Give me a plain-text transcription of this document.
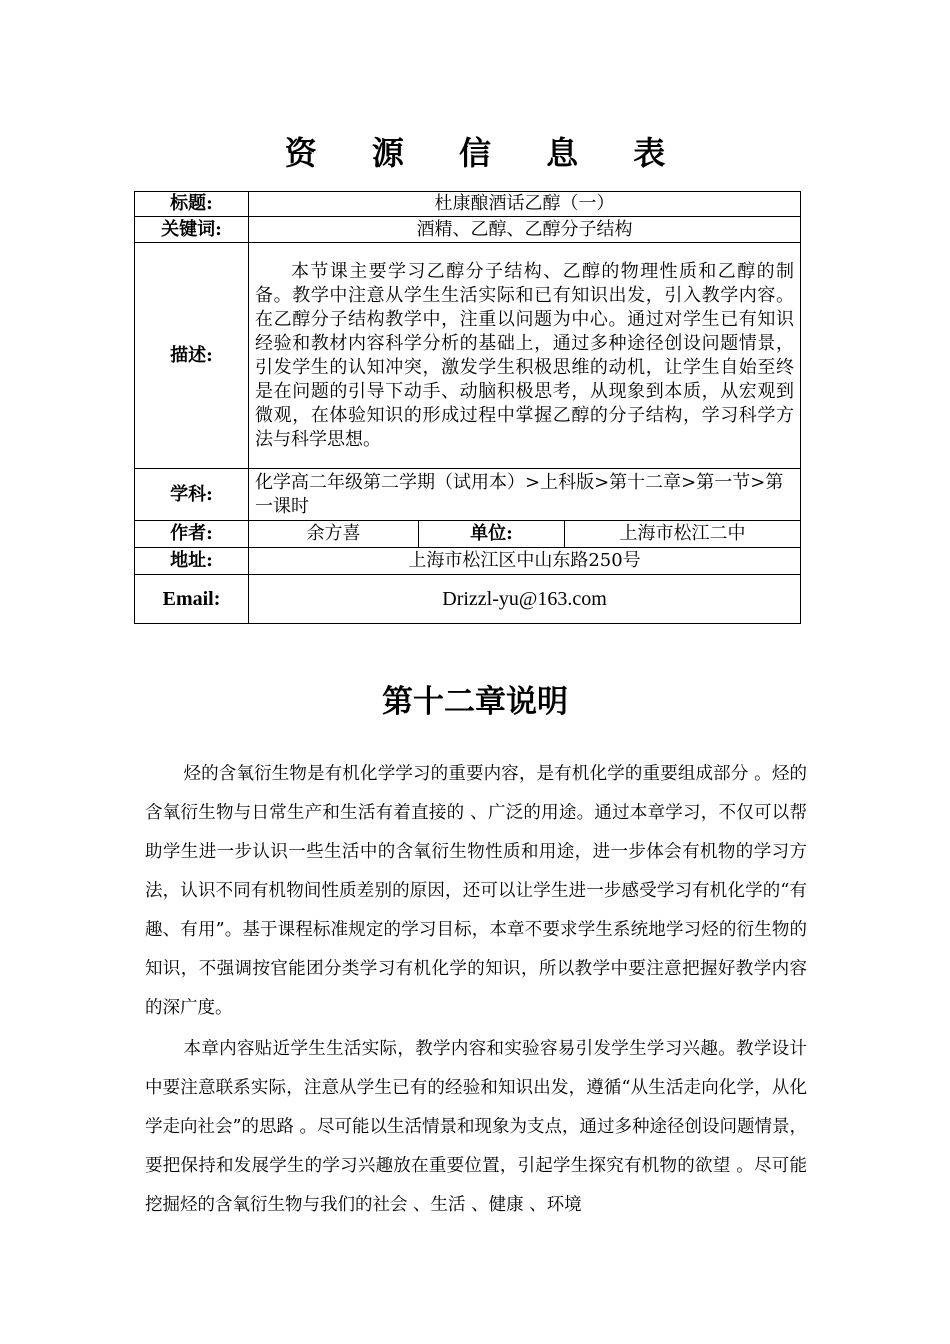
资 源 信 息 表
标题:	杜康酿酒话乙醇（一）		
关键词:	酒精、乙醇、乙醇分子结构		
描述:	本节课主要学习乙醇分子结构、乙醇的物理性质和乙醇的制备。教学中注意从学生生活实际和已有知识出发，引入教学内容。在乙醇分子结构教学中，注重以问题为中心。通过对学生已有知识经验和教材内容科学分析的基础上，通过多种途径创设问题情景，引发学生的认知冲突，激发学生积极思维的动机，让学生自始至终是在问题的引导下动手、动脑积极思考，从现象到本质，从宏观到微观，在体验知识的形成过程中掌握乙醇的分子结构，学习科学方法与科学思想。		
学科:	化学高二年级第二学期（试用本）>上科版>第十二章>第一节>第一课时		
作者:	余方喜	单位:	上海市松江二中
地址:	上海市松江区中山东路250号		
Email:	Drizzl-yu@163.com		
第十二章说明

烃的含氧衍生物是有机化学学习的重要内容，是有机化学的重要组成部分 。烃的含氧衍生物与日常生产和生活有着直接的 、广泛的用途。通过本章学习，不仅可以帮助学生进一步认识一些生活中的含氧衍生物性质和用途，进一步体会有机物的学习方法，认识不同有机物间性质差别的原因，还可以让学生进一步感受学习有机化学的“有趣、有用”。基于课程标准规定的学习目标，本章不要求学生系统地学习烃的衍生物的知识，不强调按官能团分类学习有机化学的知识，所以教学中要注意把握好教学内容的深广度。

本章内容贴近学生生活实际，教学内容和实验容易引发学生学习兴趣。教学设计中要注意联系实际，注意从学生已有的经验和知识出发，遵循“从生活走向化学，从化学走向社会”的思路 。尽可能以生活情景和现象为支点，通过多种途径创设问题情景，要把保持和发展学生的学习兴趣放在重要位置，引起学生探究有机物的欲望 。尽可能挖掘烃的含氧衍生物与我们的社会 、生活 、健康 、环境
